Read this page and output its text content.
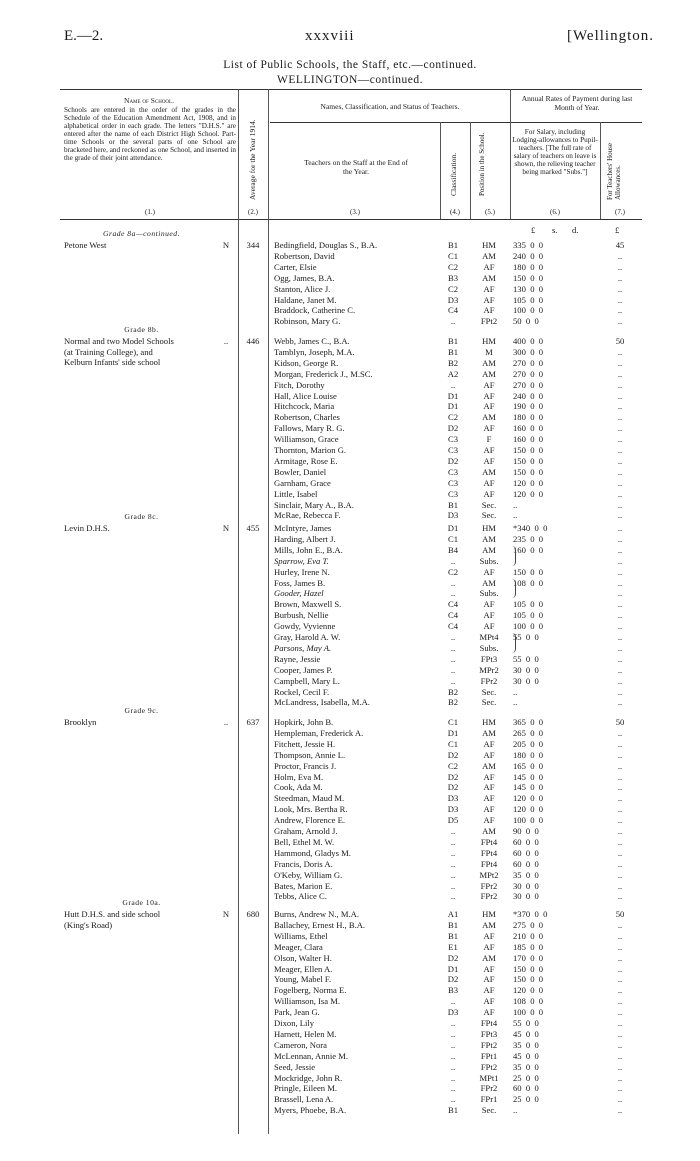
E.—2.	xxxviii	[Wellington.
List of Public Schools, the Staff, etc.—continued.
WELLINGTON—continued.
Name of School.
Schools are entered in the order of the grades in the Schedule of the Education Amendment Act, 1908, and in alphabetical order in each grade. The letters "D.H.S." are entered after the name of each District High School. Part-time Schools or the several parts of one School are bracketed here, and reckoned as one School, and inserted in the grade of their joint attendance.
(1.)
Average for the Year 1914.
(2.)
Names, Classification, and Status of Teachers.
Teachers on the Staff at the End of the Year.
(3.)
Classification.
(4.)
Position in the School.
(5.)
Annual Rates of Payment during last Month of Year.
For Salary, including Lodging-allowances to Pupil-teachers. [The full rate of salary of teachers on leave is shown, the relieving teacher being marked "Subs."]
(6.)
For Teachers' House Allowances.
(7.)
£ s. d.	£
Grade 8a—continued.
Petone West	N	344	Bedingfield, Douglas S., B.A.	B1	HM	335  0  0	45
Robertson, David	C1	AM	240  0  0	..
Carter, Elsie	C2	AF	180  0  0	..
Ogg, James, B.A.	B3	AM	150  0  0	..
Stanton, Alice J.	C2	AF	130  0  0	..
Haldane, Janet M.	D3	AF	105  0  0	..
Braddock, Catherine C.	C4	AF	100  0  0	..
Robinson, Mary G.	..	FPt2	50  0  0	..
Grade 8b.
Normal and two Model Schools
(at Training College), and
Kelburn Infants' side school
..	446	Webb, James C., B.A.	B1	HM	400  0  0	50
Tamblyn, Joseph, M.A.	B1	M	300  0  0	..
Kidson, George R.	B2	AM	270  0  0	..
Morgan, Frederick J., M.SC.	A2	AM	270  0  0	..
Fitch, Dorothy	..	AF	270  0  0	..
Hall, Alice Louise	D1	AF	240  0  0	..
Hitchcock, Maria	D1	AF	190  0  0	..
Robertson, Charles	C2	AM	180  0  0	..
Fallows, Mary R. G.	D2	AF	160  0  0	..
Williamson, Grace	C3	F	160  0  0	..
Thornton, Marion G.	C3	AF	150  0  0	..
Armitage, Rose E.	D2	AF	150  0  0	..
Bowler, Daniel	C3	AM	150  0  0	..
Garnham, Grace	C3	AF	120  0  0	..
Little, Isabel	C3	AF	120  0  0	..
Sinclair, Mary A., B.A.	B1	Sec.	..	..
McRae, Rebecca F.	D3	Sec.	..	..
Grade 8c.
Levin D.H.S.	N	455	McIntyre, James	D1	HM	*340  0  0	..
Harding, Albert J.	C1	AM	235  0  0	..
Mills, John E., B.A.	B4	AM	160  0  0	..
Sparrow, Eva T.	..	Subs.	..
Hurley, Irene N.	C2	AF	150  0  0	..
Foss, James B.	..	AM	108  0  0	..
Gooder, Hazel	..	Subs.	..
Brown, Maxwell S.	C4	AF	105  0  0	..
Burbush, Nellie	C4	AF	105  0  0	..
Gowdy, Vyvienne	C4	AF	100  0  0	..
Gray, Harold A. W.	..	MPt4	55  0  0	..
Parsons, May A.	..	Subs.	..
Rayne, Jessie	..	FPt3	55  0  0	..
Cooper, James P.	..	MPr2	30  0  0	..
Campbell, Mary L.	..	FPr2	30  0  0	..
Rockel, Cecil F.	B2	Sec.	..	..
McLandress, Isabella, M.A.	B2	Sec.	..	..
Grade 9c.
Brooklyn	..	637	Hopkirk, John B.	C1	HM	365  0  0	50
Hempleman, Frederick A.	D1	AM	265  0  0	..
Fitchett, Jessie H.	C1	AF	205  0  0	..
Thompson, Annie L.	D2	AF	180  0  0	..
Proctor, Francis J.	C2	AM	165  0  0	..
Holm, Eva M.	D2	AF	145  0  0	..
Cook, Ada M.	D2	AF	145  0  0	..
Steedman, Maud M.	D3	AF	120  0  0	..
Look, Mrs. Bertha R.	D3	AF	120  0  0	..
Andrew, Florence E.	D5	AF	100  0  0	..
Graham, Arnold J.	..	AM	90  0  0	..
Bell, Ethel M. W.	..	FPt4	60  0  0	..
Hammond, Gladys M.	..	FPt4	60  0  0	..
Francis, Doris A.	..	FPt4	60  0  0	..
O'Keby, William G.	..	MPt2	35  0  0	..
Bates, Marion E.	..	FPr2	30  0  0	..
Tebbs, Alice C.	..	FPr2	30  0  0	..
Grade 10a.
Hutt D.H.S. and side school
(King's Road)
N	680	Burns, Andrew N., M.A.	A1	HM	*370  0  0	50
Ballachey, Ernest H., B.A.	B1	AM	275  0  0	..
Williams, Ethel	B1	AF	210  0  0	..
Meager, Clara	E1	AF	185  0  0	..
Olson, Walter H.	D2	AM	170  0  0	..
Meager, Ellen A.	D1	AF	150  0  0	..
Young, Mabel F.	D2	AF	150  0  0	..
Fogelberg, Norma E.	B3	AF	120  0  0	..
Williamson, Isa M.	..	AF	108  0  0	..
Park, Jean G.	D3	AF	100  0  0	..
Dixon, Lily	..	FPt4	55  0  0	..
Harnett, Helen M.	..	FPt3	45  0  0	..
Cameron, Nora	..	FPt2	35  0  0	..
McLennan, Annie M.	..	FPt1	45  0  0	..
Seed, Jessie	..	FPt2	35  0  0	..
Mockridge, John R.	..	MPt1	25  0  0	..
Pringle, Eileen M.	..	FPr2	60  0  0	..
Brassell, Lena A.	..	FPr1	25  0  0	..
Myers, Phoebe, B.A.	B1	Sec.	..	..
